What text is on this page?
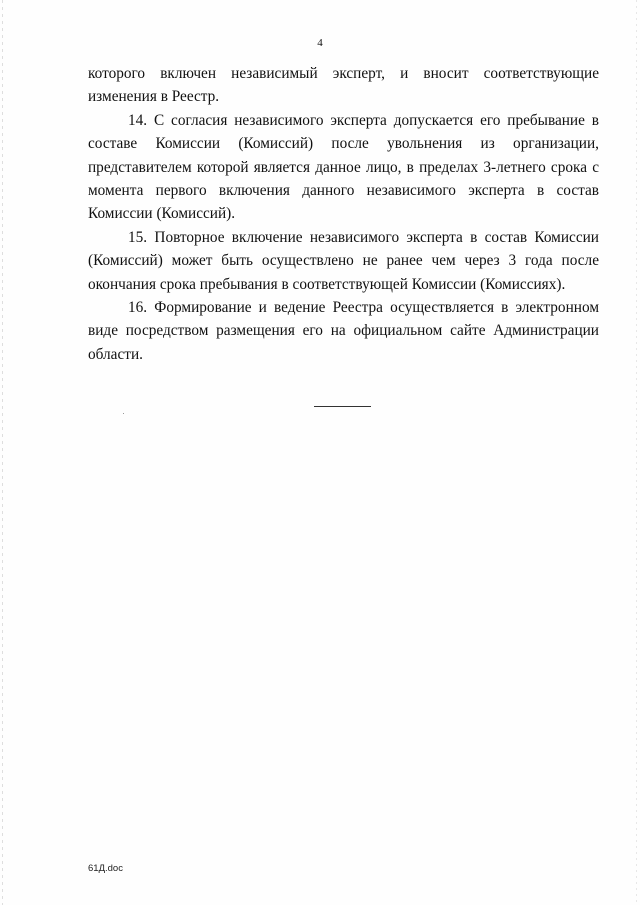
4

которого включен независимый эксперт, и вносит соответствующие изменения в Реестр.

14. С согласия независимого эксперта допускается его пребывание в составе Комиссии (Комиссий) после увольнения из организации, представителем которой является данное лицо, в пределах 3-летнего срока с момента первого включения данного независимого эксперта в состав Комиссии (Комиссий).

15. Повторное включение независимого эксперта в состав Комиссии (Комиссий) может быть осуществлено не ранее чем через 3 года после окончания срока пребывания в соответствующей Комиссии (Комиссиях).

16. Формирование и ведение Реестра осуществляется в электронном виде посредством размещения его на официальном сайте Администрации области.

61Д.doc
